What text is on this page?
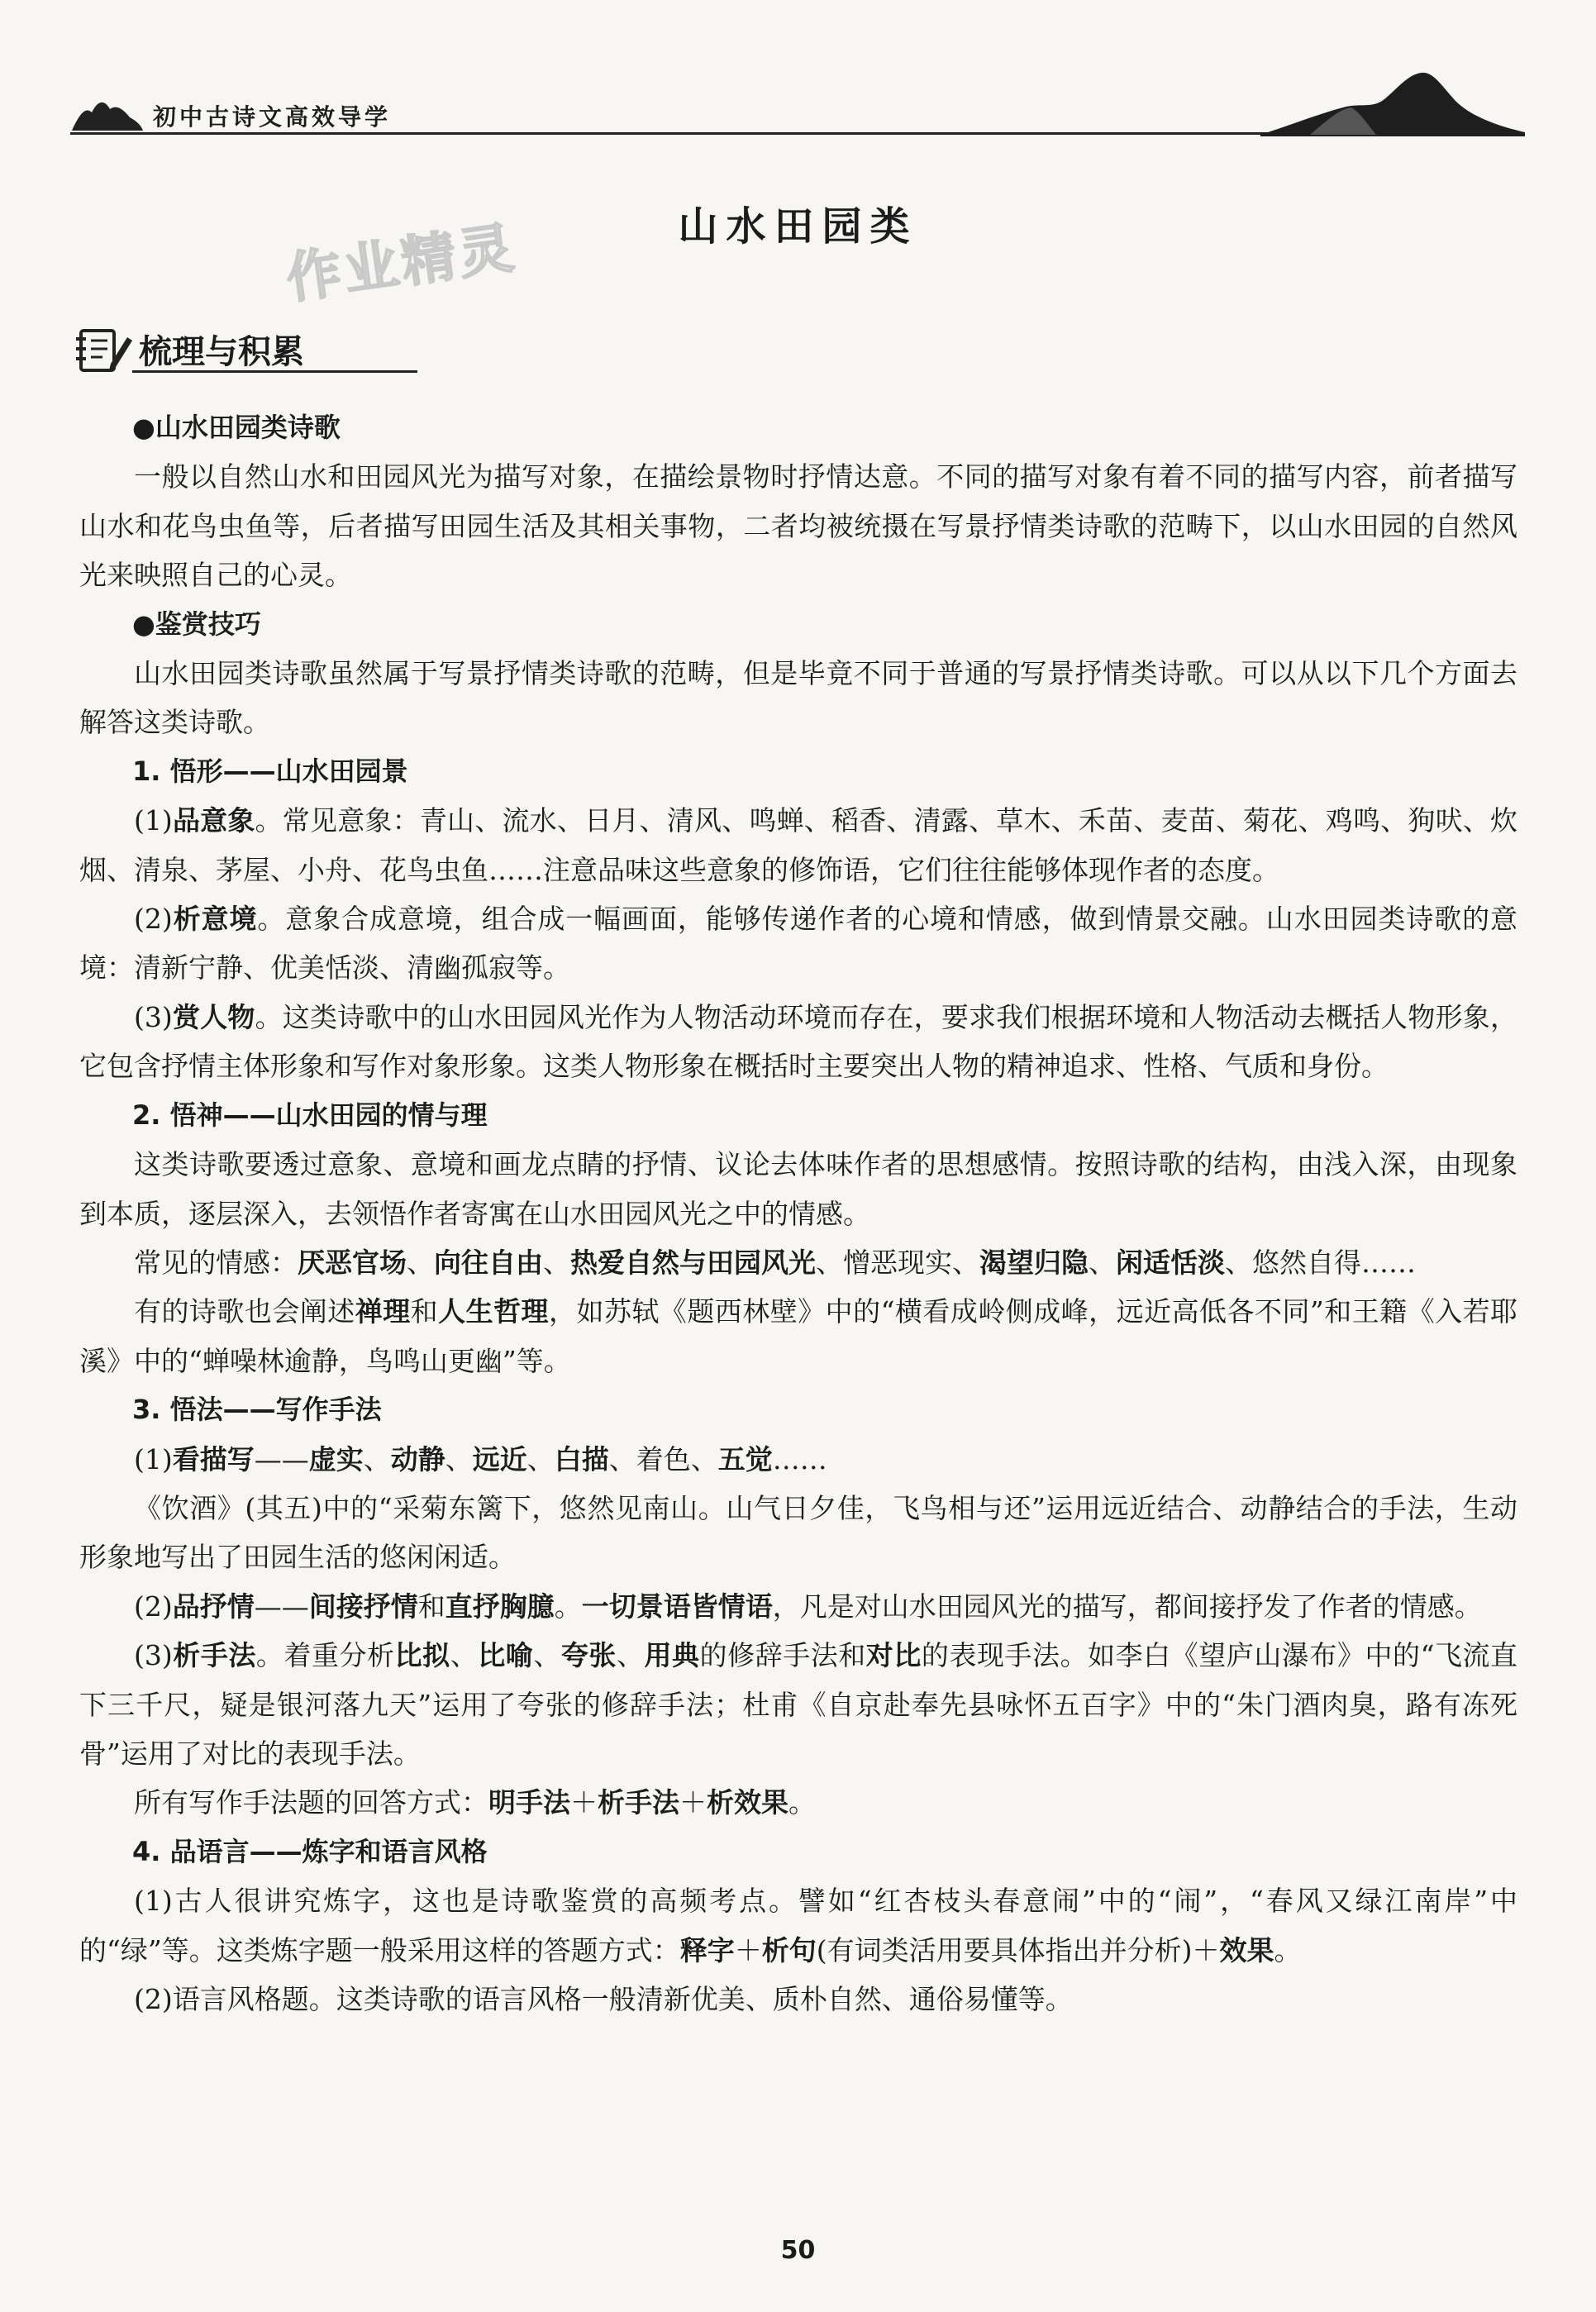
初中古诗文高效导学
作业精灵	山水田园类
梳理与积累

●山水田园类诗歌

一般以自然山水和田园风光为描写对象，在描绘景物时抒情达意。不同的描写对象有着不同的描写内容，前者描写山水和花鸟虫鱼等，后者描写田园生活及其相关事物，二者均被统摄在写景抒情类诗歌的范畴下，以山水田园的自然风光来映照自己的心灵。

●鉴赏技巧

山水田园类诗歌虽然属于写景抒情类诗歌的范畴，但是毕竟不同于普通的写景抒情类诗歌。可以从以下几个方面去解答这类诗歌。

1. 悟形——山水田园景

(1)品意象。常见意象：青山、流水、日月、清风、鸣蝉、稻香、清露、草木、禾苗、麦苗、菊花、鸡鸣、狗吠、炊烟、清泉、茅屋、小舟、花鸟虫鱼……注意品味这些意象的修饰语，它们往往能够体现作者的态度。

(2)析意境。意象合成意境，组合成一幅画面，能够传递作者的心境和情感，做到情景交融。山水田园类诗歌的意境：清新宁静、优美恬淡、清幽孤寂等。

(3)赏人物。这类诗歌中的山水田园风光作为人物活动环境而存在，要求我们根据环境和人物活动去概括人物形象，它包含抒情主体形象和写作对象形象。这类人物形象在概括时主要突出人物的精神追求、性格、气质和身份。

2. 悟神——山水田园的情与理

这类诗歌要透过意象、意境和画龙点睛的抒情、议论去体味作者的思想感情。按照诗歌的结构，由浅入深，由现象到本质，逐层深入，去领悟作者寄寓在山水田园风光之中的情感。

常见的情感：厌恶官场、向往自由、热爱自然与田园风光、憎恶现实、渴望归隐、闲适恬淡、悠然自得……

有的诗歌也会阐述禅理和人生哲理，如苏轼《题西林壁》中的“横看成岭侧成峰，远近高低各不同”和王籍《入若耶溪》中的“蝉噪林逾静，鸟鸣山更幽”等。

3. 悟法——写作手法

(1)看描写——虚实、动静、远近、白描、着色、五觉……

《饮酒》(其五)中的“采菊东篱下，悠然见南山。山气日夕佳，飞鸟相与还”运用远近结合、动静结合的手法，生动形象地写出了田园生活的悠闲闲适。

(2)品抒情——间接抒情和直抒胸臆。一切景语皆情语，凡是对山水田园风光的描写，都间接抒发了作者的情感。

(3)析手法。着重分析比拟、比喻、夸张、用典的修辞手法和对比的表现手法。如李白《望庐山瀑布》中的“飞流直下三千尺，疑是银河落九天”运用了夸张的修辞手法；杜甫《自京赴奉先县咏怀五百字》中的“朱门酒肉臭，路有冻死骨”运用了对比的表现手法。

所有写作手法题的回答方式：明手法＋析手法＋析效果。

4. 品语言——炼字和语言风格

(1)古人很讲究炼字，这也是诗歌鉴赏的高频考点。譬如“红杏枝头春意闹”中的“闹”，“春风又绿江南岸”中的“绿”等。这类炼字题一般采用这样的答题方式：释字＋析句(有词类活用要具体指出并分析)＋效果。

(2)语言风格题。这类诗歌的语言风格一般清新优美、质朴自然、通俗易懂等。

50
